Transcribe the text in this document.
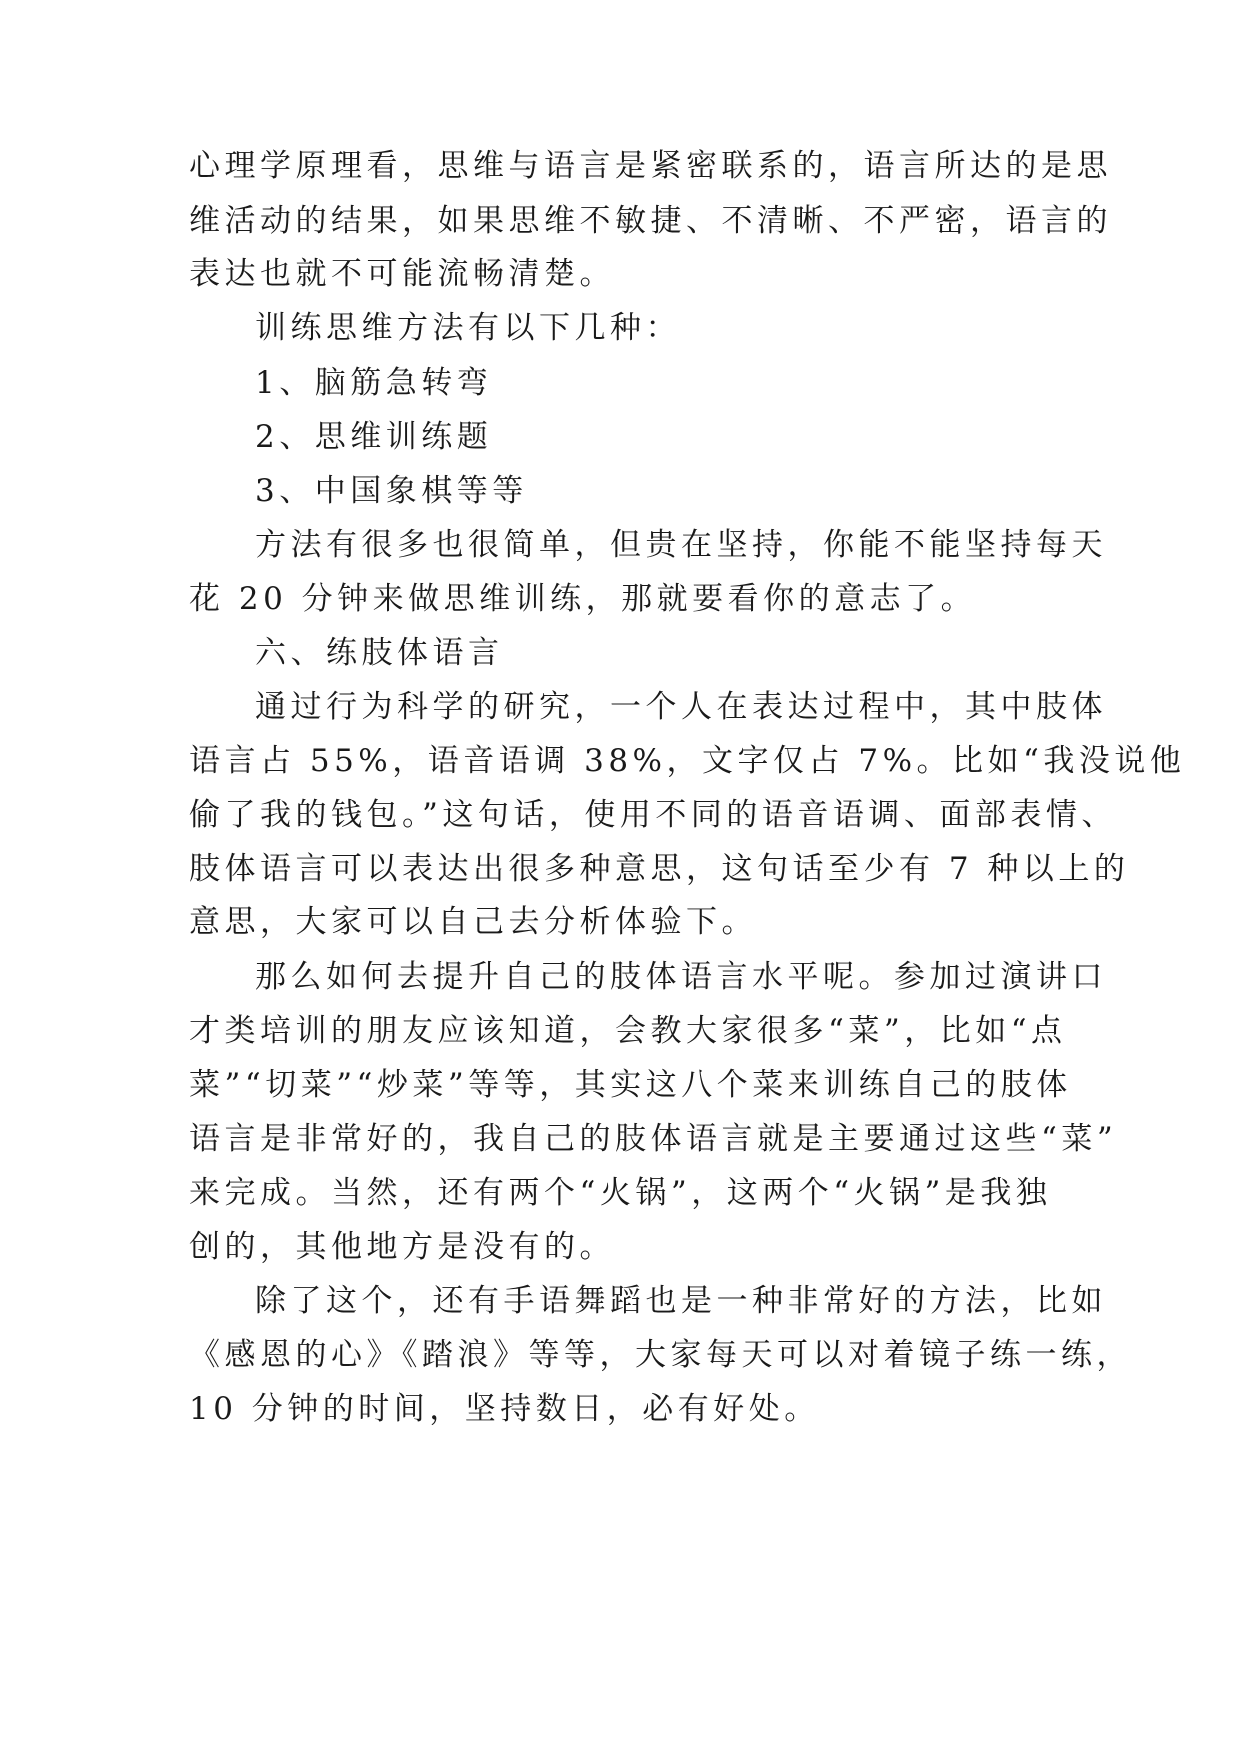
心理学原理看，思维与语言是紧密联系的，语言所达的是思
维活动的结果，如果思维不敏捷、不清晰、不严密，语言的
表达也就不可能流畅清楚。
训练思维方法有以下几种：
1、脑筋急转弯
2、思维训练题
3、中国象棋等等
方法有很多也很简单，但贵在坚持，你能不能坚持每天
花 20 分钟来做思维训练，那就要看你的意志了。
六、练肢体语言
通过行为科学的研究，一个人在表达过程中，其中肢体
语言占 55%，语音语调 38%，文字仅占 7%。比如“我没说他
偷了我的钱包。”这句话，使用不同的语音语调、面部表情、
肢体语言可以表达出很多种意思，这句话至少有 7 种以上的
意思，大家可以自己去分析体验下。
那么如何去提升自己的肢体语言水平呢。参加过演讲口
才类培训的朋友应该知道，会教大家很多“菜”，比如“点
菜”“切菜”“炒菜”等等，其实这八个菜来训练自己的肢体
语言是非常好的，我自己的肢体语言就是主要通过这些“菜”
来完成。当然，还有两个“火锅”，这两个“火锅”是我独
创的，其他地方是没有的。
除了这个，还有手语舞蹈也是一种非常好的方法，比如
《感恩的心》《踏浪》等等，大家每天可以对着镜子练一练，
10 分钟的时间，坚持数日，必有好处。
